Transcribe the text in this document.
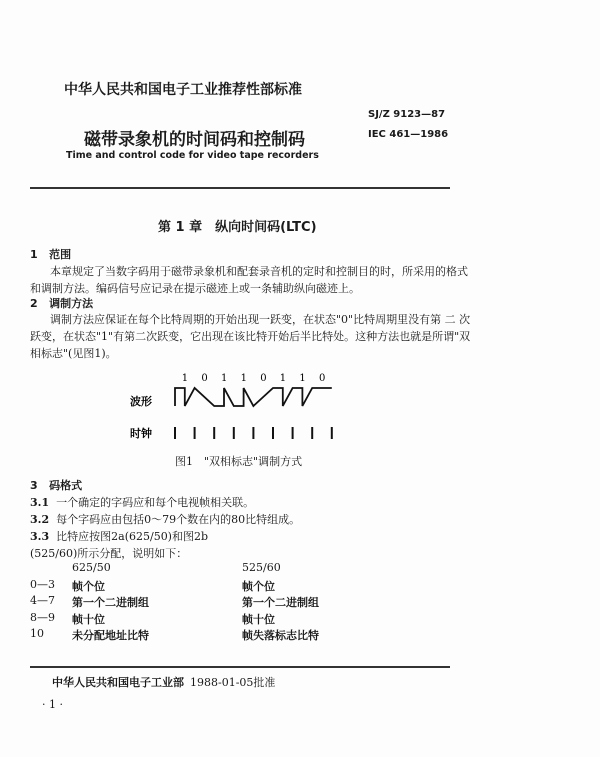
中华人民共和国电子工业推荐性部标准
SJ/Z 9123—87
IEC 461—1986
磁带录象机的时间码和控制码
Time and control code for video tape recorders
第 1 章　纵向时间码(LTC)
1 范围
本章规定了当数字码用于磁带录象机和配套录音机的定时和控制目的时，所采用的格式
和调制方法。编码信号应记录在提示磁迹上或一条辅助纵向磁迹上。
2 调制方法
调制方法应保证在每个比特周期的开始出现一跃变，在状态"0"比特周期里没有第 二 次
跃变，在状态"1"有第二次跃变，它出现在该比特开始后半比特处。这种方法也就是所谓"双
相标志"(见图1)。
1 0 1 1 0 1 1 0
波形
时钟
图1　"双相标志"调制方式
3 码格式
3.1 一个确定的字码应和每个电视帧相关联。
3.2 每个字码应由包括0～79个数在内的80比特组成。
3.3 比特应按图2a(625/50)和图2b
(525/60)所示分配，说明如下：
625/50	525/60
0—3 帧个位	帧个位
4—7 第一个二进制组	第一个二进制组
8—9 帧十位	帧十位
10	未分配地址比特	帧失落标志比特
中华人民共和国电子工业部 1988-01-05批准
· 1 ·
